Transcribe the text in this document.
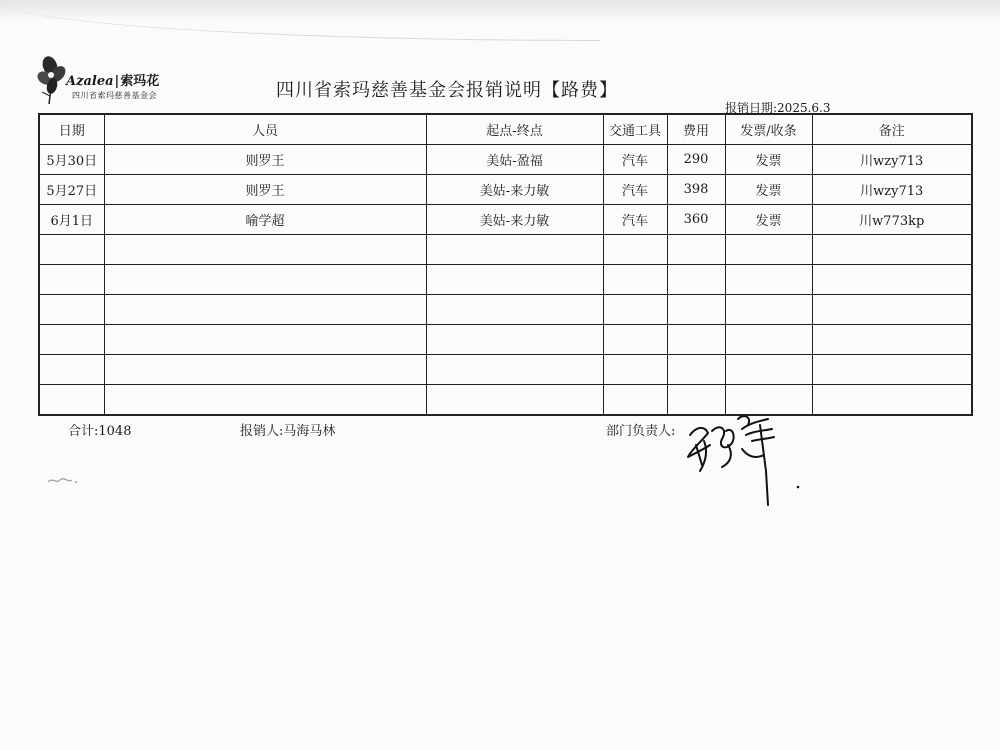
Azalea|索玛花
四川省索玛慈善基金会	四川省索玛慈善基金会报销说明【路费】
报销日期:2025.6.3
日期	人员	起点-终点	交通工具	费用	发票/收条	备注
5月30日	则罗王	美姑-盈福	汽车	290	发票	川wzy713
5月27日	则罗王	美姑-来力敏	汽车	398	发票	川wzy713
6月1日	喻学超	美姑-来力敏	汽车	360	发票	川w773kp

合计:1048	报销人:马海马林	部门负责人:
